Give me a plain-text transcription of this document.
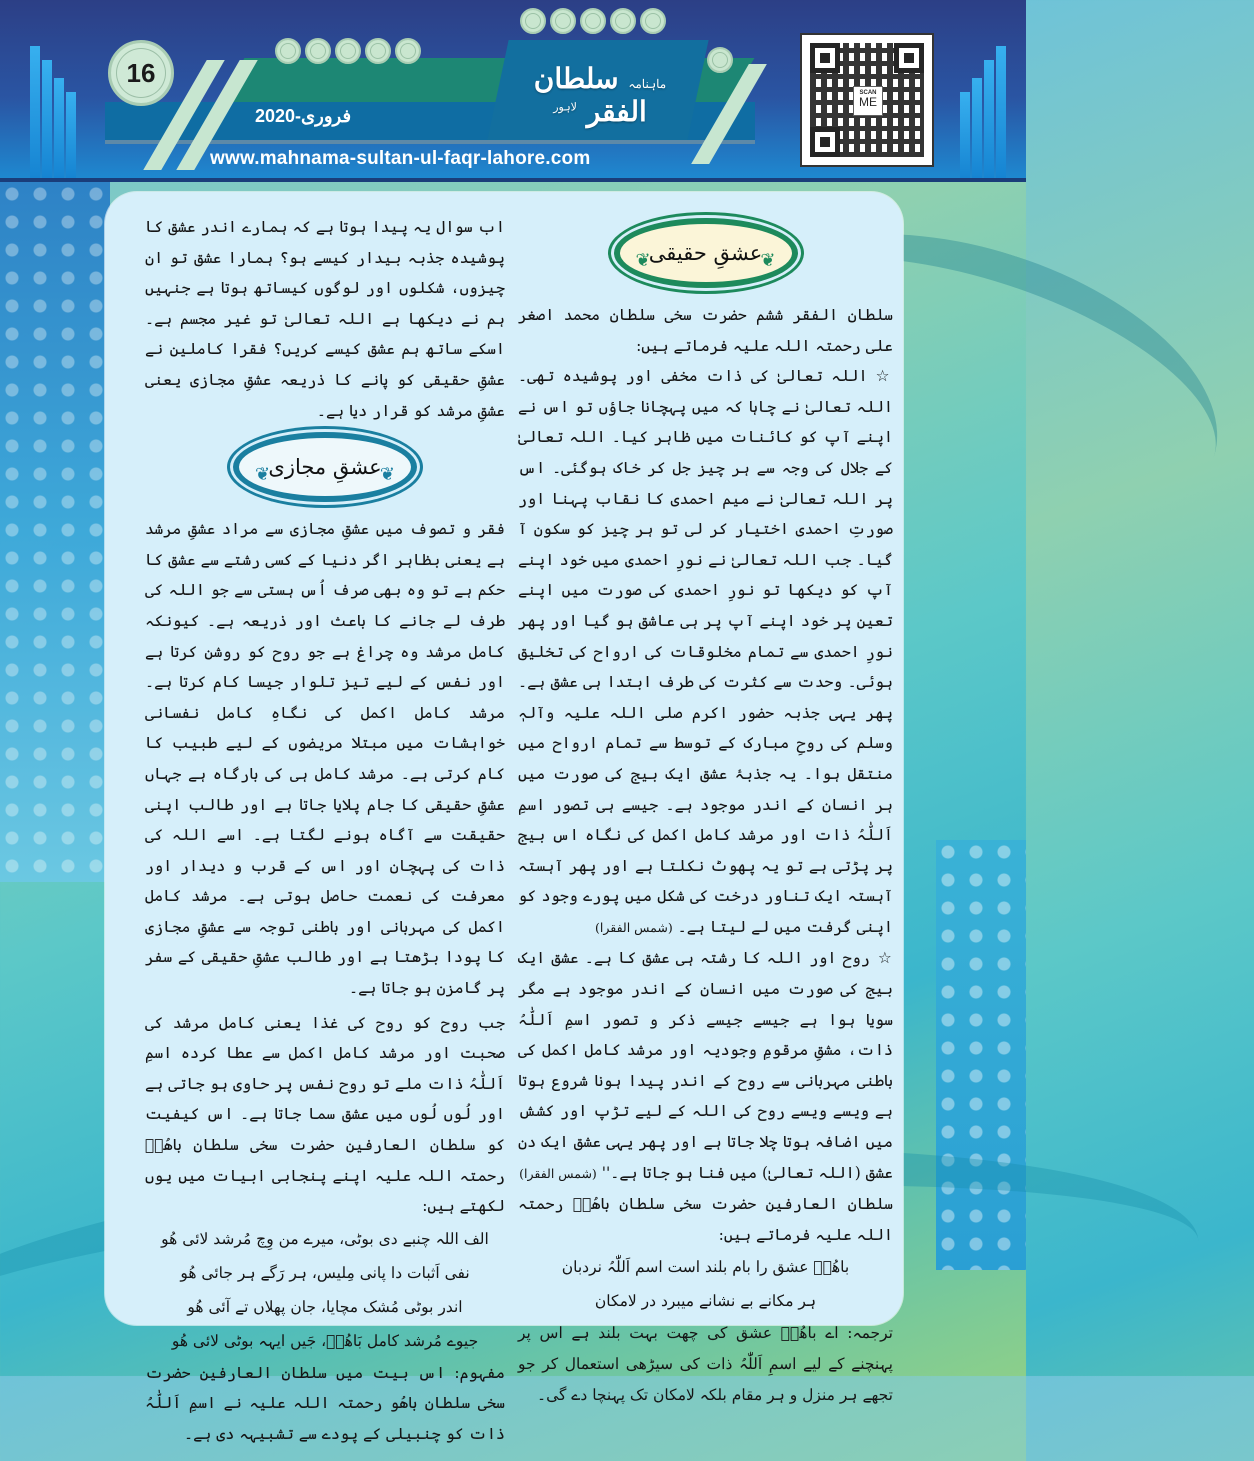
16
فروری-2020
ماہنامہ سلطان الفقر $^{لاہور}$
www.mahnama-sultan-ul-faqr-lahore.com
SCAN
ME
❦
عشقِ حقیقی
❦

سلطان الفقر ششم حضرت سخی سلطان محمد اصغر علی رحمتہ اللہ علیہ فرماتے ہیں:

☆اللہ تعالیٰ کی ذات مخفی اور پوشیدہ تھی۔ اللہ تعالیٰ نے چاہا کہ میں پہچانا جاؤں تو اس نے اپنے آپ کو کائنات میں ظاہر کیا۔ اللہ تعالیٰ کے جلال کی وجہ سے ہر چیز جل کر خاک ہوگئی۔ اس پر اللہ تعالیٰ نے میم احمدی کا نقاب پہنا اور صورتِ احمدی اختیار کر لی تو ہر چیز کو سکون آ گیا۔ جب اللہ تعالیٰ نے نورِ احمدی میں خود اپنے آپ کو دیکھا تو نورِ احمدی کی صورت میں اپنے تعین پر خود اپنے آپ پر ہی عاشق ہو گیا اور پھر نورِ احمدی سے تمام مخلوقات کی ارواح کی تخلیق ہوئی۔ وحدت سے کثرت کی طرف ابتدا ہی عشق ہے۔ پھر یہی جذبہ حضور اکرم صلی اللہ علیہ وآلہٖ وسلم کی روحِ مبارک کے توسط سے تمام ارواح میں منتقل ہوا۔ یہ جذبۂ عشق ایک بیج کی صورت میں ہر انسان کے اندر موجود ہے۔ جیسے ہی تصور اسمِ اَللّٰہُ ذات اور مرشد کامل اکمل کی نگاہ اس بیج پر پڑتی ہے تو یہ پھوٹ نکلتا ہے اور پھر آہستہ آہستہ ایک تناور درخت کی شکل میں پورے وجود کو اپنی گرفت میں لے لیتا ہے۔ (شمس الفقرا)

☆روح اور اللہ کا رشتہ ہی عشق کا ہے۔ عشق ایک بیج کی صورت میں انسان کے اندر موجود ہے مگر سویا ہوا ہے جیسے جیسے ذکر و تصور اسمِ اَللّٰہُ ذات، مشقِ مرقومِ وجودیہ اور مرشد کامل اکمل کی باطنی مہربانی سے روح کے اندر پیدا ہونا شروع ہوتا ہے ویسے ویسے روح کی اللہ کے لیے تڑپ اور کشش میں اضافہ ہوتا چلا جاتا ہے اور پھر یہی عشق ایک دن عشق (اللہ تعالیٰ) میں فنا ہو جاتا ہے۔'' (شمس الفقرا)

سلطان العارفین حضرت سخی سلطان باھُوؒ رحمتہ اللہ علیہ فرماتے ہیں:

باھُوؒ عشق را بام بلند است اسم اَللّٰہُ نردبان

ہر مکانے بے نشانے میبرد در لامکان

ترجمہ: اے باھُوؒ عشق کی چھت بہت بلند ہے اس پر پہنچنے کے لیے اسمِ اَللّٰہُ ذات کی سیڑھی استعمال کر جو تجھے ہر منزل و ہر مقام بلکہ لامکان تک پہنچا دے گی۔

اب سوال یہ پیدا ہوتا ہے کہ ہمارے اندر عشق کا پوشیدہ جذبہ بیدار کیسے ہو؟ ہمارا عشق تو ان چیزوں، شکلوں اور لوگوں کیساتھ ہوتا ہے جنہیں ہم نے دیکھا ہے اللہ تعالیٰ تو غیر مجسم ہے۔ اسکے ساتھ ہم عشق کیسے کریں؟ فقرا کاملین نے عشقِ حقیقی کو پانے کا ذریعہ عشقِ مجازی یعنی عشقِ مرشد کو قرار دیا ہے۔

❦
عشقِ مجازی
❦

فقر و تصوف میں عشقِ مجازی سے مراد عشقِ مرشد ہے یعنی بظاہر اگر دنیا کے کسی رشتے سے عشق کا حکم ہے تو وہ بھی صرف اُس ہستی سے جو اللہ کی طرف لے جانے کا باعث اور ذریعہ ہے۔ کیونکہ کامل مرشد وہ چراغ ہے جو روح کو روشن کرتا ہے اور نفس کے لیے تیز تلوار جیسا کام کرتا ہے۔ مرشد کامل اکمل کی نگاہِ کامل نفسانی خواہشات میں مبتلا مریضوں کے لیے طبیب کا کام کرتی ہے۔ مرشد کامل ہی کی بارگاہ ہے جہاں عشقِ حقیقی کا جام پلایا جاتا ہے اور طالب اپنی حقیقت سے آگاہ ہونے لگتا ہے۔ اسے اللہ کی ذات کی پہچان اور اس کے قرب و دیدار اور معرفت کی نعمت حاصل ہوتی ہے۔ مرشد کامل اکمل کی مہربانی اور باطنی توجہ سے عشقِ مجازی کا پودا بڑھتا ہے اور طالب عشقِ حقیقی کے سفر پر گامزن ہو جاتا ہے۔

جب روح کو روح کی غذا یعنی کامل مرشد کی صحبت اور مرشد کامل اکمل سے عطا کردہ اسمِ اَللّٰہُ ذات ملے تو روح نفس پر حاوی ہو جاتی ہے اور لُوں لُوں میں عشق سما جاتا ہے۔ اس کیفیت کو سلطان العارفین حضرت سخی سلطان باھُوؒ رحمتہ اللہ علیہ اپنے پنجابی ابیات میں یوں لکھتے ہیں:

الف اللہ چنبے دی بوٹی، میرے من وِچ مُرشد لائی ھُو

نفی اَثبات دا پانی مِلیس، ہر رَگے ہر جائی ھُو

اندر بوٹی مُشک مچایا، جان پھلاں تے آئی ھُو

جیوے مُرشد کامل بَاھُوؒ، جَیں ایہہ بوٹی لائی ھُو

مفہوم: اس بیت میں سلطان العارفین حضرت سخی سلطان باھُو رحمتہ اللہ علیہ نے اسمِ اَللّٰہُ ذات کو چنبیلی کے پودے سے تشبیہہ دی ہے۔
